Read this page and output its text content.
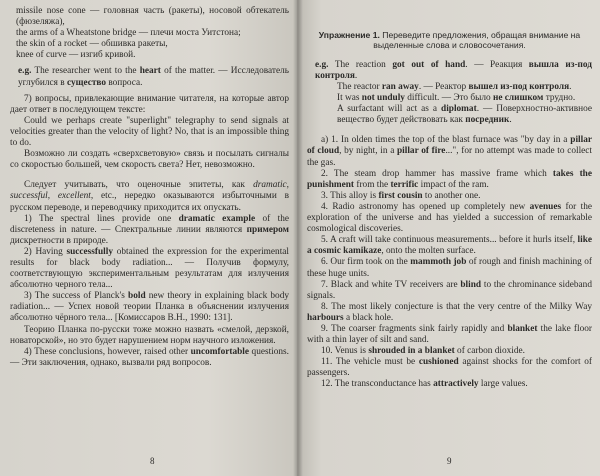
missile nose cone — головная часть (ракеты), носовой обтекатель (фюзеляжа),

the arms of a Wheatstone bridge — плечи моста Уитстона;

the skin of a rocket — обшивка ракеты,

knee of curve — изгиб кривой.

e.g. The researcher went to the heart of the matter. — Исследователь углубился в существо вопроса.

7) вопросы, привлекающие внимание читателя, на которые автор дает ответ в последующем тексте:

Could we perhaps create "superlight" telegraphy to send signals at velocities greater than the velocity of light? No, that is an impossible thing to do.

Возможно ли создать «сверхсветовую» связь и посылать сигналы со скоростью большей, чем скорость света? Нет, невозможно.

Следует учитывать, что оценочные эпитеты, как dramatic, successful, excellent, etc., нередко оказываются избыточными в русском переводе, и переводчику приходится их опускать.

1) The spectral lines provide one dramatic example of the discreteness in nature. — Спектральные линии являются примером дискретности в природе.

2) Having successfully obtained the expression for the experimental results for black body radiation... — Получив формулу, соответствующую экспериментальным результатам для излучения абсолютно черного тела...

3) The success of Planck's bold new theory in explaining black body radiation... — Успех новой теории Планка в объяснении излучения абсолютно чёрного тела... [Комиссаров В.Н., 1990: 131].

Теорию Планка по-русски тоже можно назвать «смелой, дерзкой, новаторской», но это будет нарушением норм научного изложения.

4) These conclusions, however, raised other uncomfortable questions. — Эти заключения, однако, вызвали ряд вопросов.

8

Упражнение 1. Переведите предложения, обращая внимание на выделенные слова и словосочетания.

e.g. The reaction got out of hand. — Реакция вышла из-под контроля.

The reactor ran away. — Реактор вышел из-под контроля.

It was not unduly difficult. — Это было не слишком трудно.

A surfactant will act as a diplomat. — Поверхностно-активное вещество будет действовать как посредник.

a) 1. In olden times the top of the blast furnace was "by day in a pillar of cloud, by night, in a pillar of fire...", for no attempt was made to collect the gas.

2. The steam drop hammer has massive frame which takes the punishment from the terrific impact of the ram.

3. This alloy is first cousin to another one.

4. Radio astronomy has opened up completely new avenues for the exploration of the universe and has yielded a succession of remarkable cosmological discoveries.

5. A craft will take continuous measurements... before it hurls itself, like a cosmic kamikaze, onto the molten surface.

6. Our firm took on the mammoth job of rough and finish machining of these huge units.

7. Black and white TV receivers are blind to the chrominance sideband signals.

8. The most likely conjecture is that the very centre of the Milky Way harbours a black hole.

9. The coarser fragments sink fairly rapidly and blanket the lake floor with a thin layer of silt and sand.

10. Venus is shrouded in a blanket of carbon dioxide.

11. The vehicle must be cushioned against shocks for the comfort of passengers.

12. The transconductance has attractively large values.

9
